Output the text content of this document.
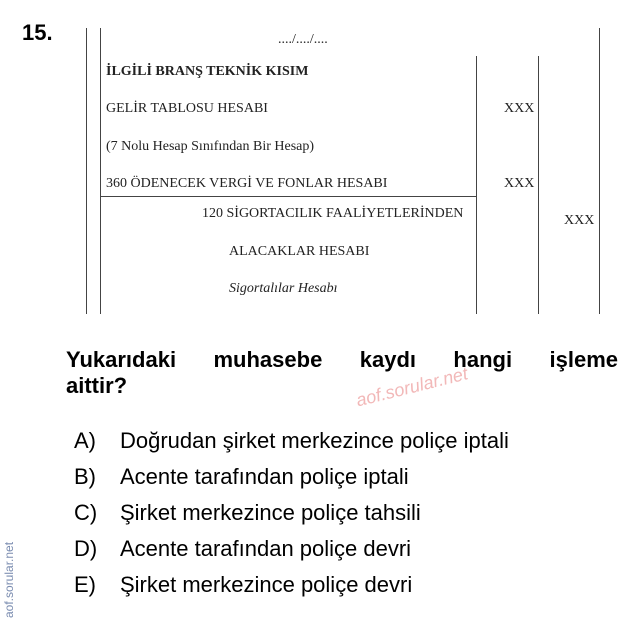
15.	..../..../....
İLGİLİ BRANŞ TEKNİK KISIM
GELİR TABLOSU HESABI
(7 Nolu Hesap Sınıfından Bir Hesap)
360 ÖDENECEK VERGİ VE FONLAR HESABI
120 SİGORTACILIK FAALİYETLERİNDEN
ALACAKLAR HESABI
Sigortalılar Hesabı
XXX
XXX
XXX
Yukarıdaki muhasebe kaydı hangi işleme
aittir?	aof.sorular.net
aof.sorular.net
A) Doğrudan şirket merkezince poliçe iptali
B) Acente tarafından poliçe iptali
C) Şirket merkezince poliçe tahsili
D) Acente tarafından poliçe devri
E) Şirket merkezince poliçe devri
